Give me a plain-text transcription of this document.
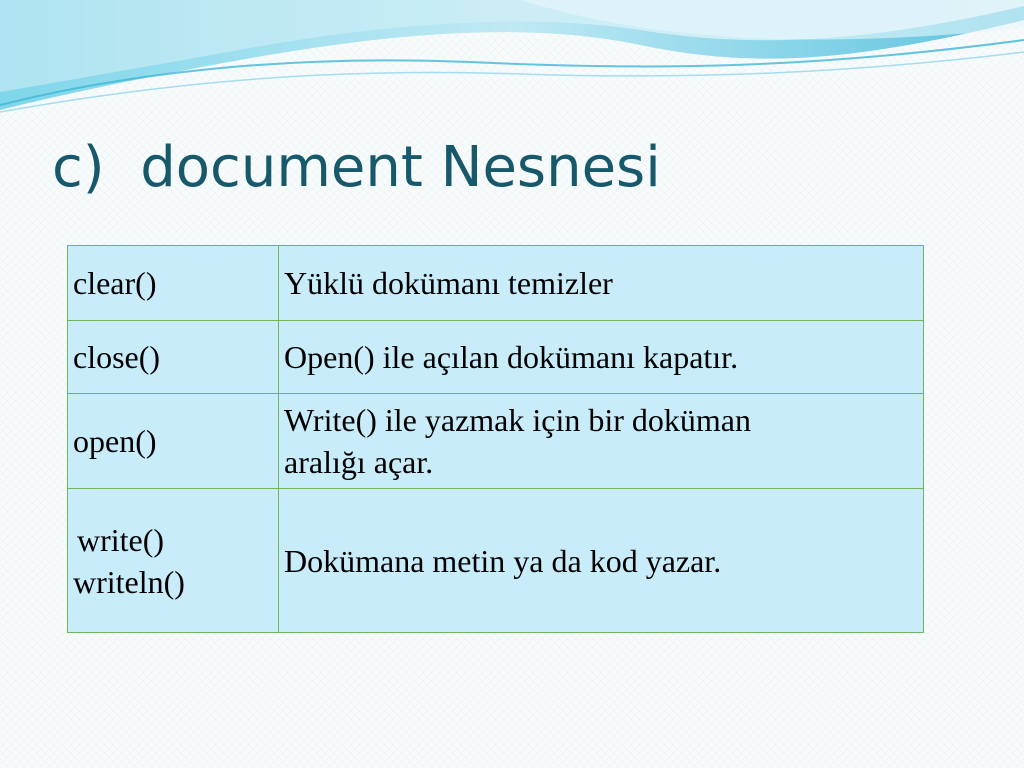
c)  document Nesnesi
clear()	Yüklü dokümanı temizler

close()	Open() ile açılan dokümanı kapatır.

open()	Write() ile yazmak için bir doküman
aralığı açar.

write()
writeln()	Dokümana metin ya da kod yazar.
